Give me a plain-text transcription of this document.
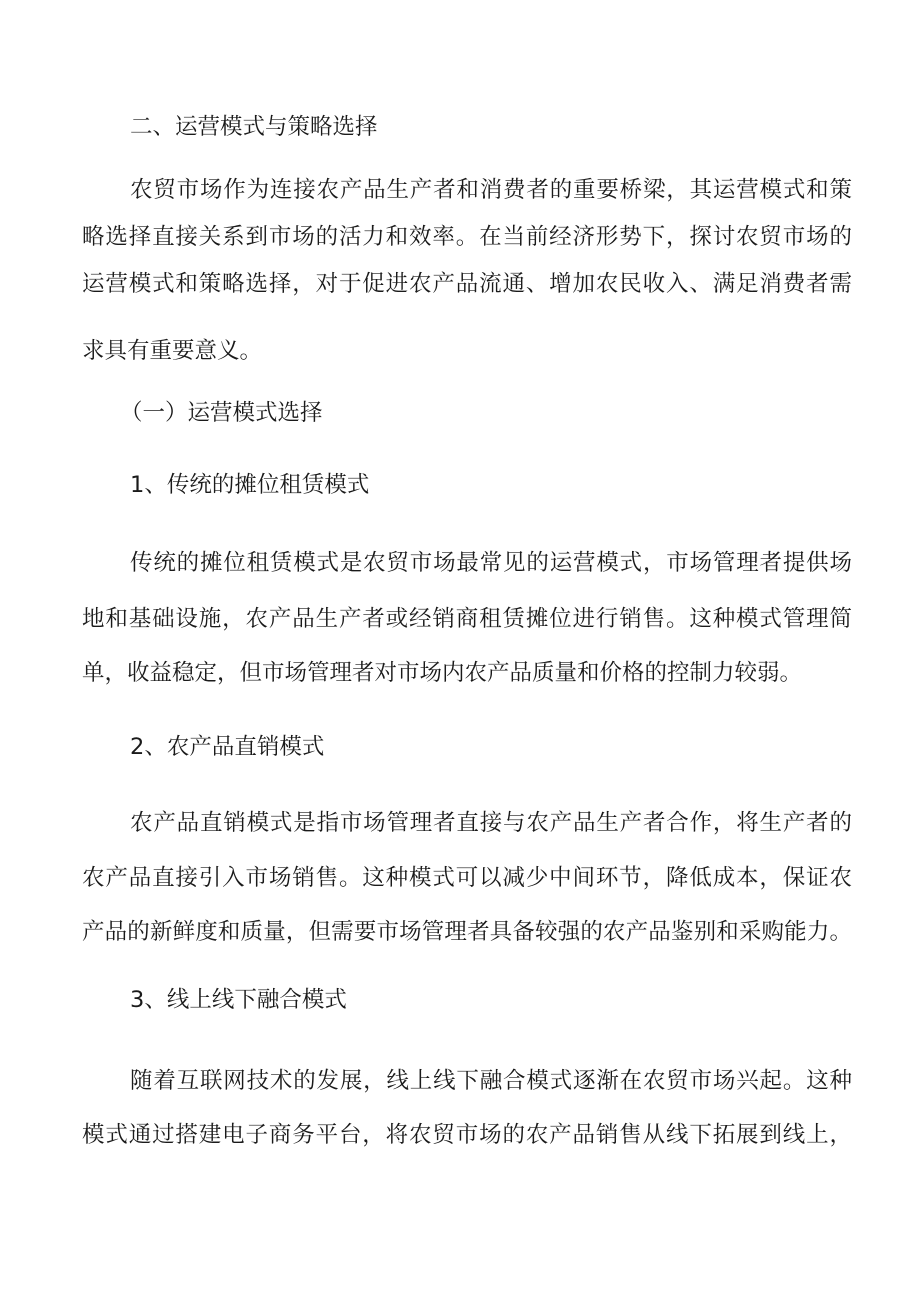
二、运营模式与策略选择
农贸市场作为连接农产品生产者和消费者的重要桥梁，其运营模式和策
略选择直接关系到市场的活力和效率。在当前经济形势下，探讨农贸市场的
运营模式和策略选择，对于促进农产品流通、增加农民收入、满足消费者需
求具有重要意义。
（一）运营模式选择
1、传统的摊位租赁模式
传统的摊位租赁模式是农贸市场最常见的运营模式，市场管理者提供场
地和基础设施，农产品生产者或经销商租赁摊位进行销售。这种模式管理简
单，收益稳定，但市场管理者对市场内农产品质量和价格的控制力较弱。
2、农产品直销模式
农产品直销模式是指市场管理者直接与农产品生产者合作，将生产者的
农产品直接引入市场销售。这种模式可以减少中间环节，降低成本，保证农
产品的新鲜度和质量，但需要市场管理者具备较强的农产品鉴别和采购能力。
3、线上线下融合模式
随着互联网技术的发展，线上线下融合模式逐渐在农贸市场兴起。这种
模式通过搭建电子商务平台，将农贸市场的农产品销售从线下拓展到线上，
